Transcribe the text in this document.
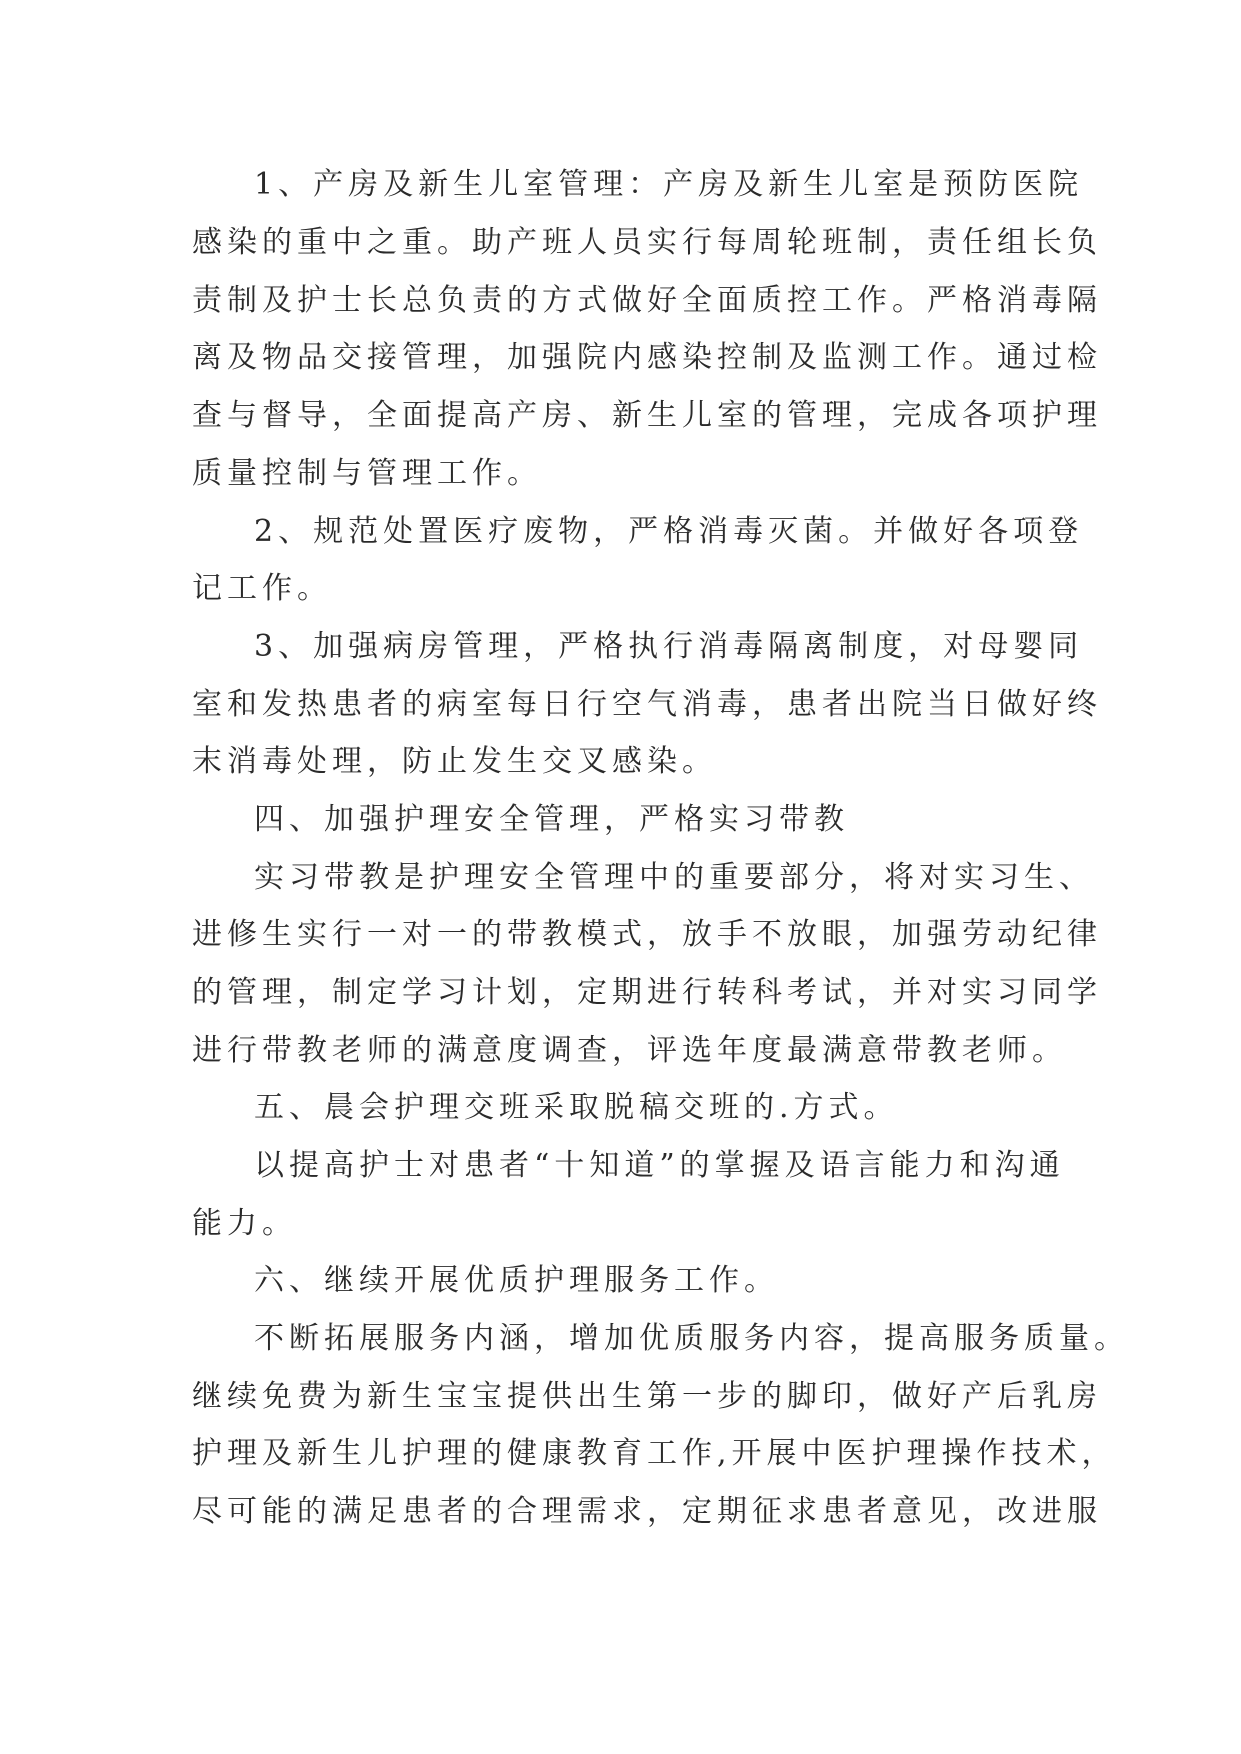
1、产房及新生儿室管理：产房及新生儿室是预防医院
感染的重中之重。助产班人员实行每周轮班制，责任组长负
责制及护士长总负责的方式做好全面质控工作。严格消毒隔
离及物品交接管理，加强院内感染控制及监测工作。通过检
查与督导，全面提高产房、新生儿室的管理，完成各项护理
质量控制与管理工作。
2、规范处置医疗废物，严格消毒灭菌。并做好各项登
记工作。
3、加强病房管理，严格执行消毒隔离制度，对母婴同
室和发热患者的病室每日行空气消毒，患者出院当日做好终
末消毒处理，防止发生交叉感染。
四、加强护理安全管理，严格实习带教
实习带教是护理安全管理中的重要部分，将对实习生、
进修生实行一对一的带教模式，放手不放眼，加强劳动纪律
的管理，制定学习计划，定期进行转科考试，并对实习同学
进行带教老师的满意度调查，评选年度最满意带教老师。
五、晨会护理交班采取脱稿交班的.方式。
以提高护士对患者“十知道”的掌握及语言能力和沟通
能力。
六、继续开展优质护理服务工作。
不断拓展服务内涵，增加优质服务内容，提高服务质量。
继续免费为新生宝宝提供出生第一步的脚印，做好产后乳房
护理及新生儿护理的健康教育工作,开展中医护理操作技术，
尽可能的满足患者的合理需求，定期征求患者意见，改进服
